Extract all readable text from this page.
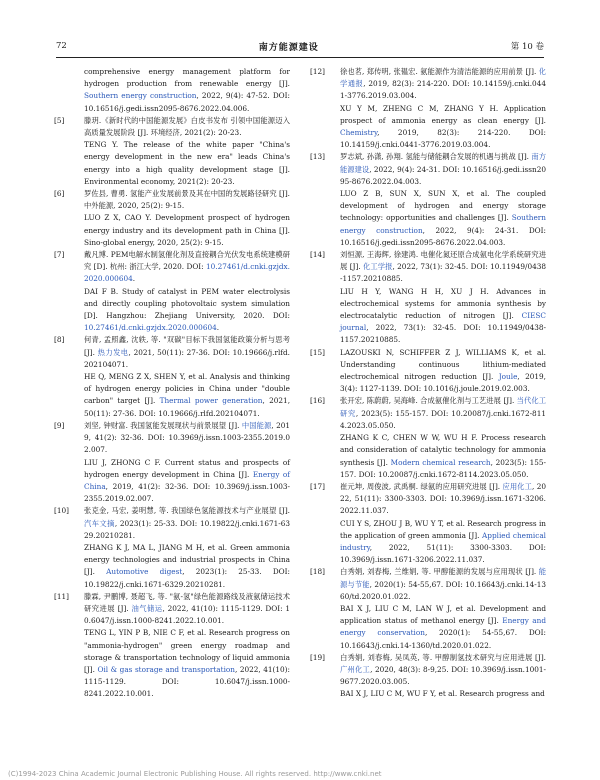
72	南方能源建设	第 10 卷

comprehensive energy management platform for hydrogen production from renewable energy [J]. Southern energy construction, 2022, 9(4): 47-52. DOI: 10.16516/j.gedi.issn2095-8676.2022.04.006.

[5]	滕玥.《新时代的中国能源发展》白皮书发布 引领中国能源迈入高质量发展阶段 [J]. 环境经济, 2021(2): 20-23.

TENG Y. The release of the white paper "China's energy development in the new era" leads China's energy into a high quality development stage [J]. Environmental economy, 2021(2): 20-23.

[6]	罗佐县, 曹勇. 氢能产业发展前景及其在中国的发展路径研究 [J]. 中外能源, 2020, 25(2): 9-15.

LUO Z X, CAO Y. Development prospect of hydrogen energy industry and its development path in China [J]. Sino-global energy, 2020, 25(2): 9-15.

[7]	戴凡博. PEM电解水制氢催化剂及直接耦合光伏发电系统建模研究 [D]. 杭州: 浙江大学, 2020. DOI: 10.27461/d.cnki.gzjdx.2020.000604.

DAI F B. Study of catalyst in PEM water electrolysis and directly coupling photovoltaic system simulation [D]. Hangzhou: Zhejiang University, 2020. DOI: 10.27461/d.cnki.gzjdx.2020.000604.

[8]	何青, 孟照鑫, 沈轶, 等. "双碳"目标下我国氢能政策分析与思考 [J]. 热力发电, 2021, 50(11): 27-36. DOI: 10.19666/j.rlfd.202104071.

HE Q, MENG Z X, SHEN Y, et al. Analysis and thinking of hydrogen energy policies in China under "double carbon" target [J]. Thermal power generation, 2021, 50(11): 27-36. DOI: 10.19666/j.rlfd.202104071.

[9]	刘坚, 钟财富. 我国氢能发展现状与前景展望 [J]. 中国能源, 2019, 41(2): 32-36. DOI: 10.3969/j.issn.1003-2355.2019.02.007.

LIU J, ZHONG C F. Current status and prospects of hydrogen energy development in China [J]. Energy of China, 2019, 41(2): 32-36. DOI: 10.3969/j.issn.1003-2355.2019.02.007.

[10] 张克金, 马宏, 姜明慧, 等. 我国绿色氢能源技术与产业展望 [J]. 汽车文摘, 2023(1): 25-33. DOI: 10.19822/j.cnki.1671-6329.20210281.

ZHANG K J, MA L, JIANG M H, et al. Green ammonia energy technologies and industrial prospects in China [J]. Automotive digest, 2023(1): 25-33. DOI: 10.19822/j.cnki.1671-6329.20210281.

[11] 滕霖, 尹鹏博, 聂超飞, 等. "氨-氢"绿色能源路线及液氨储运技术研究进展 [J]. 油气储运, 2022, 41(10): 1115-1129. DOI: 10.6047/j.issn.1000-8241.2022.10.001.

TENG L, YIN P B, NIE C F, et al. Research progress on "ammonia-hydrogen" green energy roadmap and storage & transportation technology of liquid ammonia [J]. Oil & gas storage and transportation, 2022, 41(10): 1115-1129. DOI: 10.6047/j.issn.1000-8241.2022.10.001.

[12] 徐也茗, 郑传明, 张韫宏. 氨能源作为清洁能源的应用前景 [J]. 化学通报, 2019, 82(3): 214-220. DOI: 10.14159/j.cnki.0441-3776.2019.03.004.

XU Y M, ZHENG C M, ZHANG Y H. Application prospect of ammonia energy as clean energy [J]. Chemistry, 2019, 82(3): 214-220. DOI: 10.14159/j.cnki.0441-3776.2019.03.004.

[13] 罗志斌, 孙潇, 孙翔. 氢能与储能耦合发展的机遇与挑战 [J]. 南方能源建设, 2022, 9(4): 24-31. DOI: 10.16516/j.gedi.issn2095-8676.2022.04.003.

LUO Z B, SUN X, SUN X, et al. The coupled development of hydrogen and energy storage technology: opportunities and challenges [J]. Southern energy construction, 2022, 9(4): 24-31. DOI: 10.16516/j.gedi.issn2095-8676.2022.04.003.

[14] 刘恒源, 王海辉, 徐建鸿. 电催化氮还原合成氨电化学系统研究进展 [J]. 化工学报, 2022, 73(1): 32-45. DOI: 10.11949/0438-1157.20210885.

LIU H Y, WANG H H, XU J H. Advances in electrochemical systems for ammonia synthesis by electrocatalytic reduction of nitrogen [J]. CIESC journal, 2022, 73(1): 32-45. DOI: 10.11949/0438-1157.20210885.

[15] LAZOUSKI N, SCHIFFER Z J, WILLIAMS K, et al. Understanding continuous lithium-mediated electrochemical nitrogen reduction [J]. Joule, 2019, 3(4): 1127-1139. DOI: 10.1016/j.joule.2019.02.003.

[16] 张开宏, 陈蔚蔚, 吴海峰. 合成氨催化剂与工艺进展 [J]. 当代化工研究, 2023(5): 155-157. DOI: 10.20087/j.cnki.1672-8114.2023.05.050.

ZHANG K C, CHEN W W, WU H F. Process research and consideration of catalytic technology for ammonia synthesis [J]. Modern chemical research, 2023(5): 155-157. DOI: 10.20087/j.cnki.1672-8114.2023.05.050.

[17] 崔元坤, 周俊波, 武禹桐. 绿氨的应用研究进展 [J]. 应用化工, 2022, 51(11): 3300-3303. DOI: 10.3969/j.issn.1671-3206.2022.11.037.

CUI Y S, ZHOU J B, WU Y T, et al. Research progress in the application of green ammonia [J]. Applied chemical industry, 2022, 51(11): 3300-3303. DOI: 10.3969/j.issn.1671-3206.2022.11.037.

[18] 白秀娟, 刘春梅, 兰维娟, 等. 甲醇能源的发展与应用现状 [J]. 能源与节能, 2020(1): 54-55,67. DOI: 10.16643/j.cnki.14-1360/td.2020.01.022.

BAI X J, LIU C M, LAN W J, et al. Development and application status of methanol energy [J]. Energy and energy conservation, 2020(1): 54-55,67. DOI: 10.16643/j.cnki.14-1360/td.2020.01.022.

[19] 白秀娟, 刘春梅, 吴凤英, 等. 甲醇制氢技术研究与应用进展 [J]. 广州化工, 2020, 48(3): 8-9,25. DOI: 10.3969/j.issn.1001-9677.2020.03.005.

BAI X J, LIU C M, WU F Y, et al. Research progress and

(C)1994-2023 China Academic Journal Electronic Publishing House. All rights reserved. http://www.cnki.net
